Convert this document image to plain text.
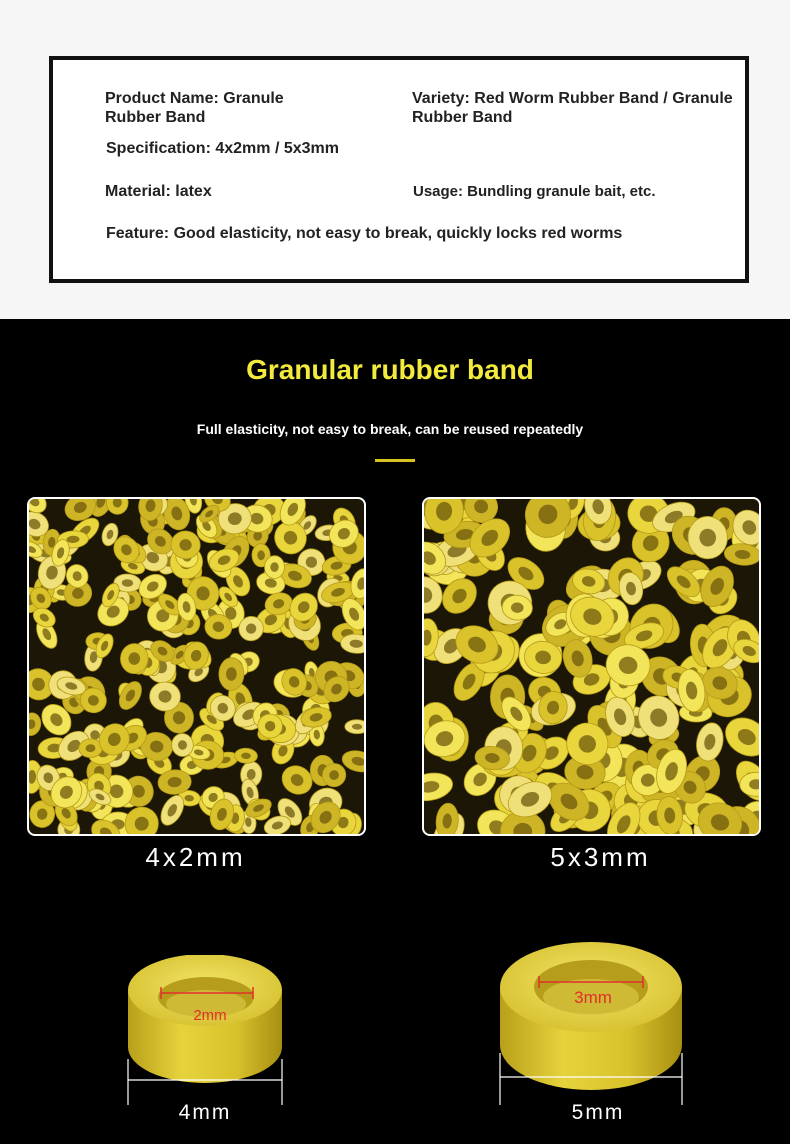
Product Name: Granule Rubber Band
Variety: Red Worm Rubber Band / Granule Rubber Band
Specification: 4x2mm / 5x3mm
Material: latex	Usage: Bundling granule bait, etc.
Feature: Good elasticity, not easy to break, quickly locks red worms
Granular rubber band
Full elasticity, not easy to break, can be reused repeatedly
4x2mm	5x3mm
2mm
4mm
3mm
5mm
